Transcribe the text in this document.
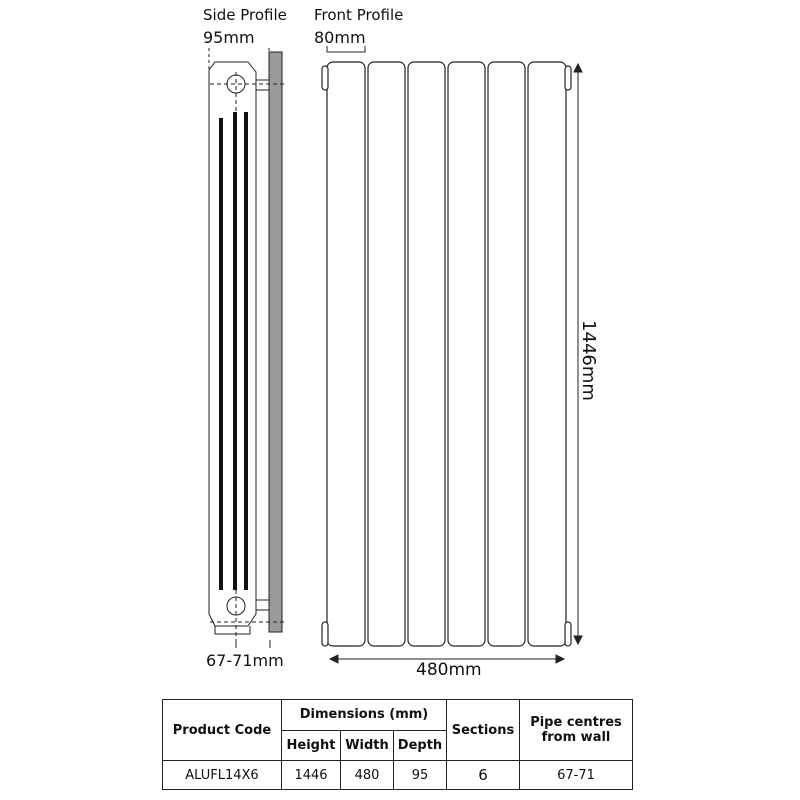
Side Profile
95mm
Front Profile
80mm
67-71mm	480mm
1446mm
Product Code	Dimensions (mm)			Sections	Pipe centres from wall
	Height	Width	Depth		
ALUFL14X6	1446	480	95	6	67-71
